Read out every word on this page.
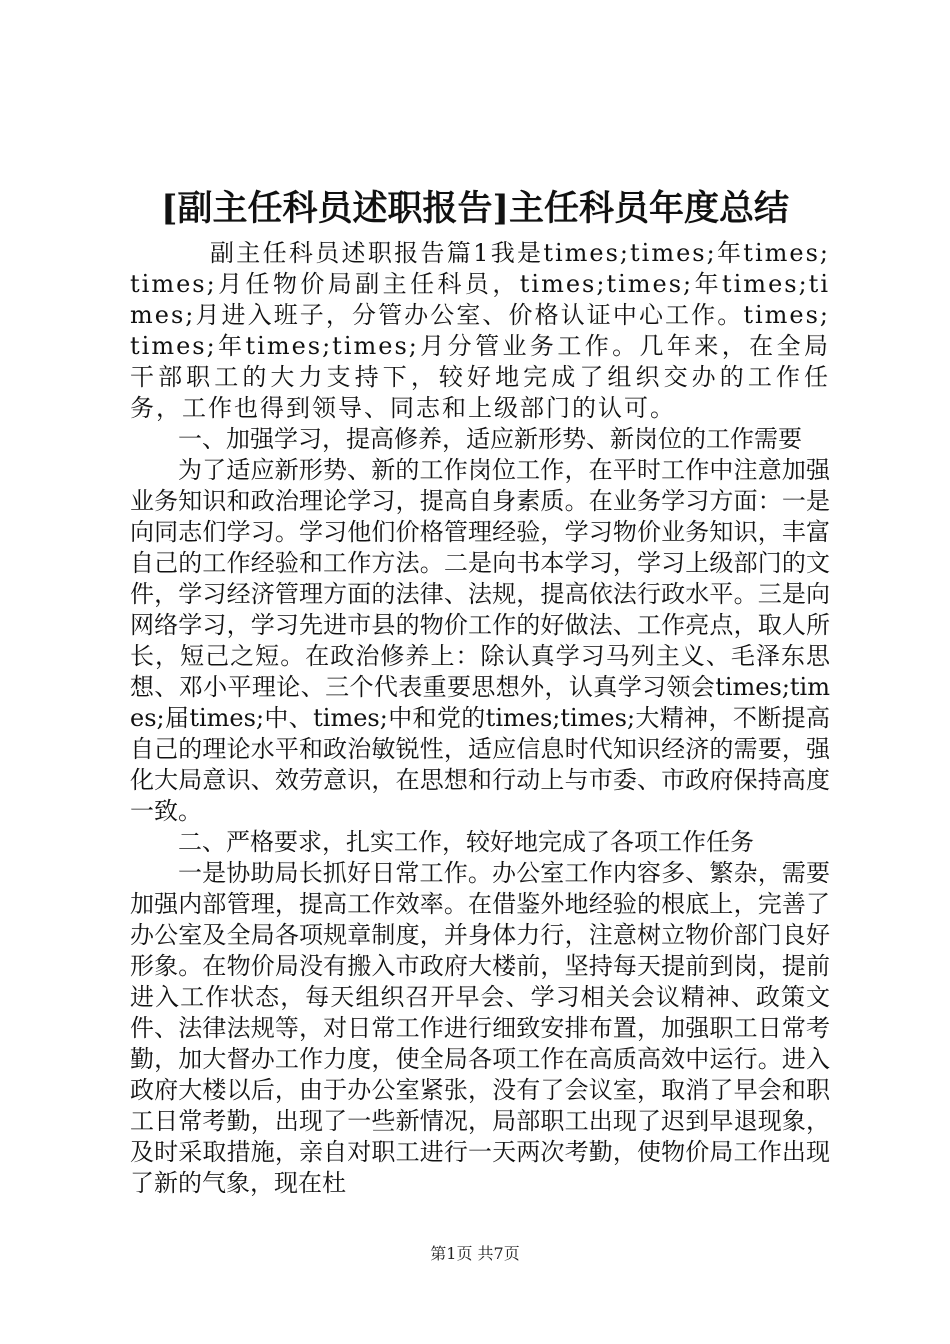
[副主任科员述职报告]主任科员年度总结

副主任科员述职报告篇1我是times;times;年times;times;月任物价局副主任科员，times;times;年times;times;月进入班子，分管办公室、价格认证中心工作。times;times;年times;times;月分管业务工作。几年来，在全局干部职工的大力支持下，较好地完成了组织交办的工作任务，工作也得到领导、同志和上级部门的认可。

一、加强学习，提高修养，适应新形势、新岗位的工作需要

为了适应新形势、新的工作岗位工作，在平时工作中注意加强业务知识和政治理论学习，提高自身素质。在业务学习方面：一是向同志们学习。学习他们价格管理经验，学习物价业务知识，丰富自己的工作经验和工作方法。二是向书本学习，学习上级部门的文件，学习经济管理方面的法律、法规，提高依法行政水平。三是向网络学习，学习先进市县的物价工作的好做法、工作亮点，取人所长，短己之短。在政治修养上：除认真学习马列主义、毛泽东思想、邓小平理论、三个代表重要思想外，认真学习领会times;times;届times;中、times;中和党的times;times;大精神，不断提高自己的理论水平和政治敏锐性，适应信息时代知识经济的需要，强化大局意识、效劳意识，在思想和行动上与市委、市政府保持高度一致。

二、严格要求，扎实工作，较好地完成了各项工作任务

一是协助局长抓好日常工作。办公室工作内容多、繁杂，需要加强内部管理，提高工作效率。在借鉴外地经验的根底上，完善了办公室及全局各项规章制度，并身体力行，注意树立物价部门良好形象。在物价局没有搬入市政府大楼前，坚持每天提前到岗，提前进入工作状态，每天组织召开早会、学习相关会议精神、政策文件、法律法规等，对日常工作进行细致安排布置，加强职工日常考勤，加大督办工作力度，使全局各项工作在高质高效中运行。进入政府大楼以后，由于办公室紧张，没有了会议室，取消了早会和职工日常考勤，出现了一些新情况，局部职工出现了迟到早退现象，及时采取措施，亲自对职工进行一天两次考勤，使物价局工作出现了新的气象，现在杜

第1页 共7页
